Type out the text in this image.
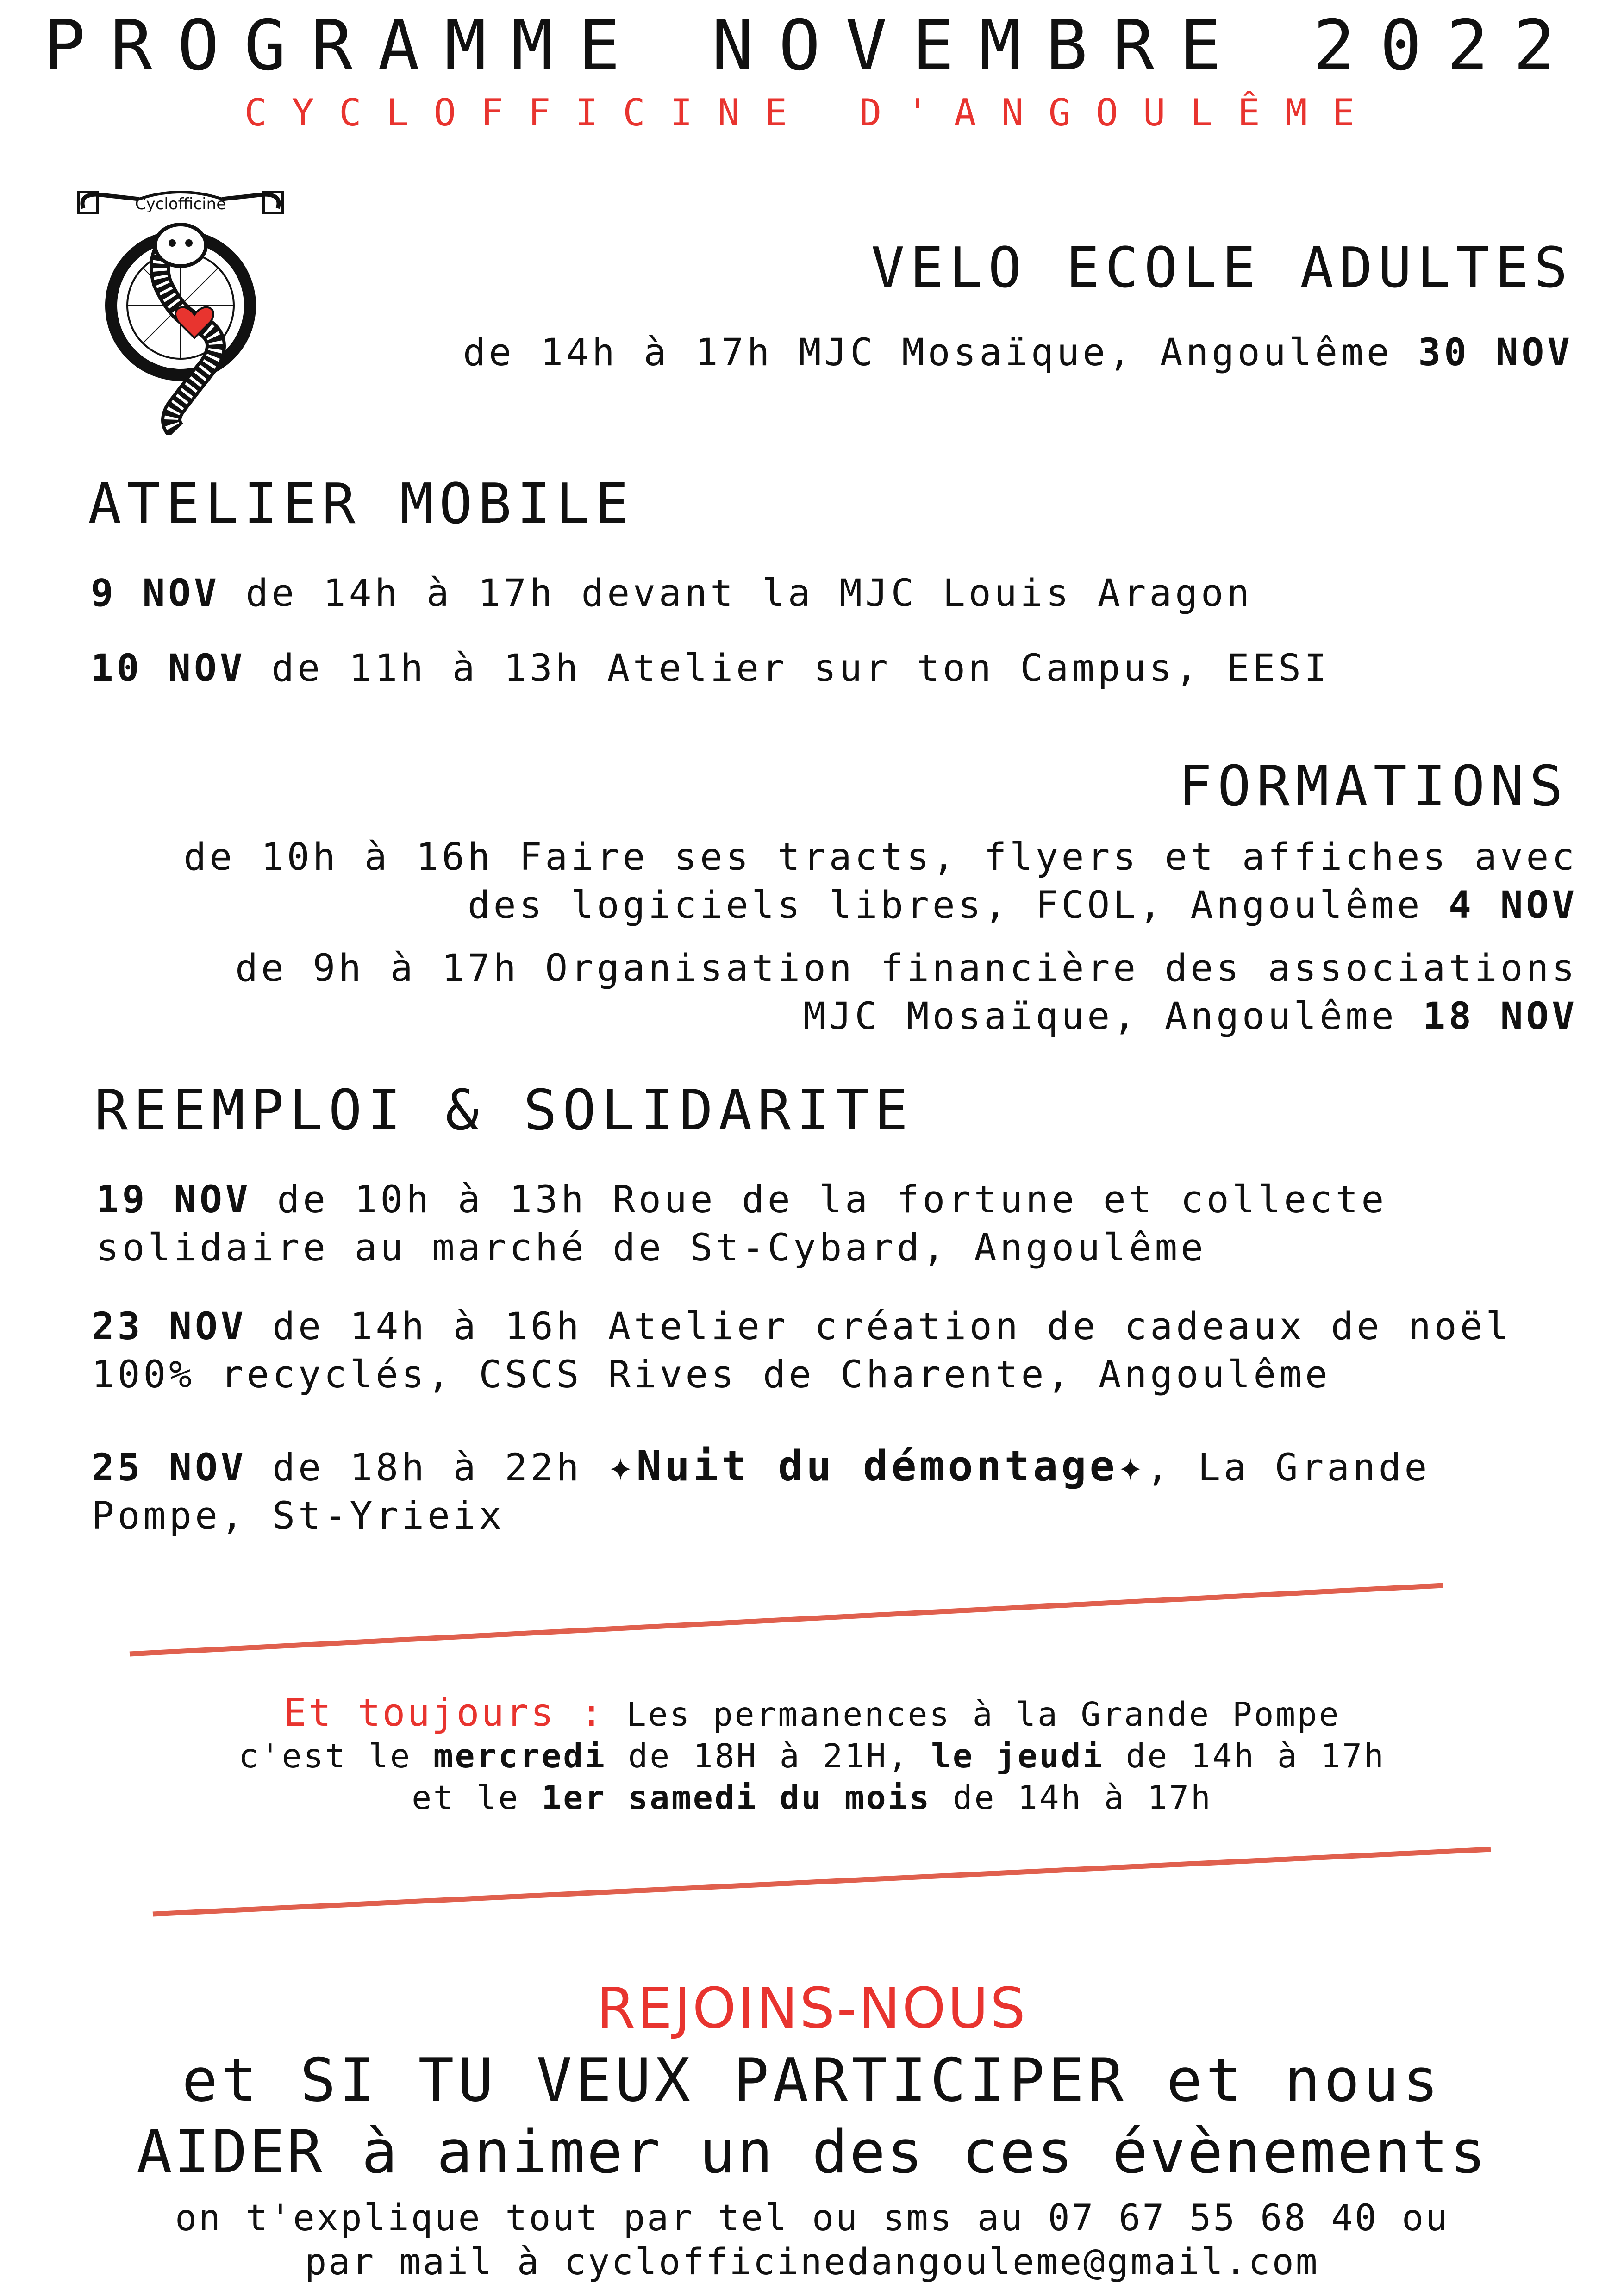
PROGRAMME NOVEMBRE 2022
CYCLOFFICINE D'ANGOULÊME
Cyclofficine
VELO ECOLE ADULTES
de 14h à 17h MJC Mosaïque, Angoulême 30 NOV
ATELIER MOBILE
9 NOV de 14h à 17h devant la MJC Louis Aragon
10 NOV de 11h à 13h Atelier sur ton Campus, EESI
FORMATIONS
de 10h à 16h Faire ses tracts, flyers et affiches avec
des logiciels libres, FCOL, Angoulême 4 NOV
de 9h à 17h Organisation financière des associations
MJC Mosaïque, Angoulême 18 NOV
REEMPLOI & SOLIDARITE
19 NOV de 10h à 13h Roue de la fortune et collecte
solidaire au marché de St-Cybard, Angoulême
23 NOV de 14h à 16h Atelier création de cadeaux de noël
100% recyclés, CSCS Rives de Charente, Angoulême
25 NOV de 18h à 22h ✦Nuit du démontage✦, La Grande
Pompe, St-Yrieix
Et toujours : Les permanences à la Grande Pompe
c'est le mercredi de 18H à 21H, le jeudi de 14h à 17h
et le 1er samedi du mois de 14h à 17h
REJOINS-NOUS
et SI TU VEUX PARTICIPER et nous
AIDER à animer un des ces évènements
on t'explique tout par tel ou sms au 07 67 55 68 40 ou
par mail à cyclofficinedangouleme@gmail.com
